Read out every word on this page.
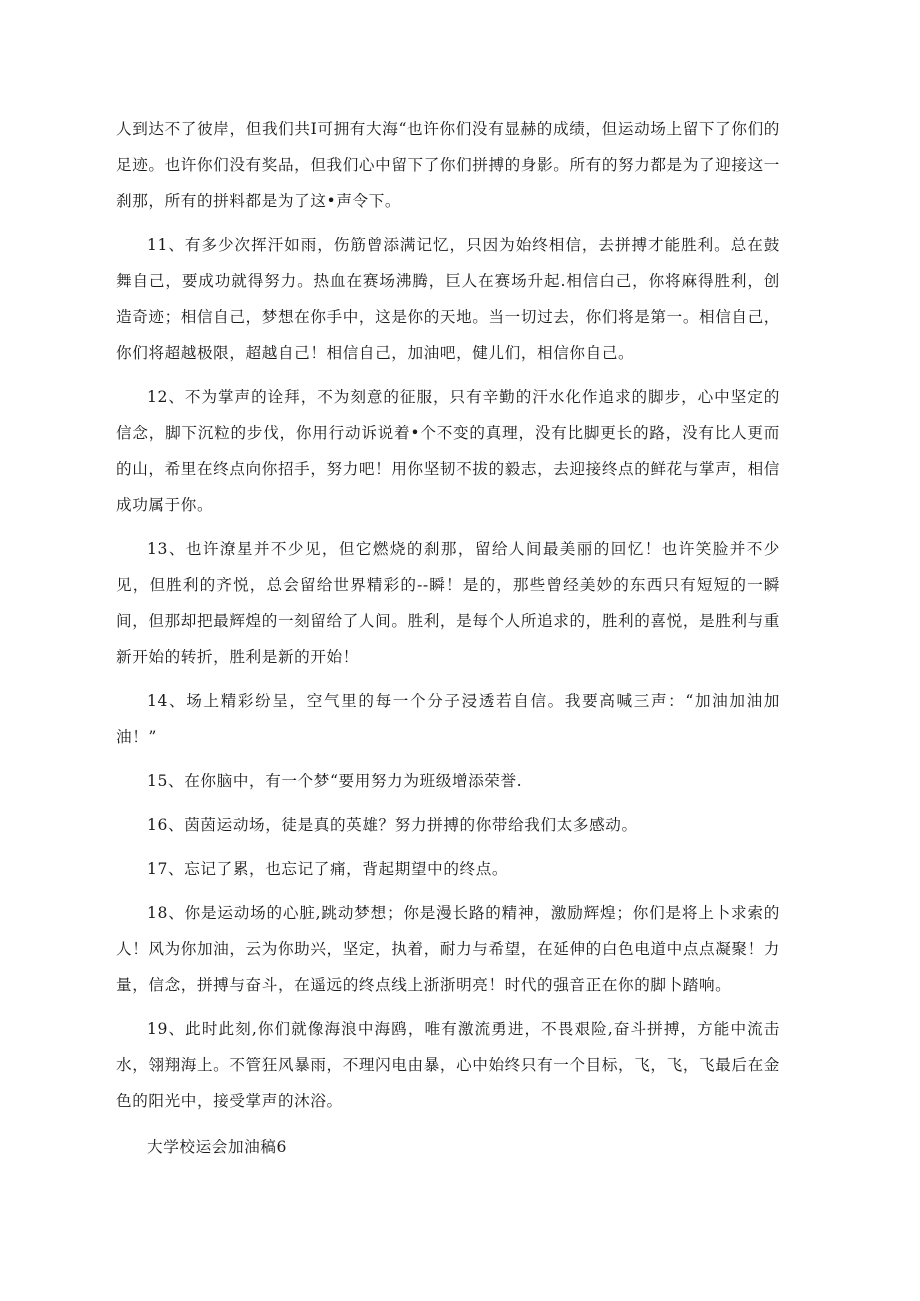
人到达不了彼岸，但我们共I可拥有大海“也许你们没有显赫的成绩，但运动场上留下了你们的足迹。也许你们没有奖品，但我们心中留下了你们拼搏的身影。所有的努力都是为了迎接这一刹那，所有的拼料都是为了这•声令下。

11、有多少次挥汗如雨，伤筋曾添满记忆，只因为始终相信，去拼搏才能胜利。总在鼓舞自己，要成功就得努力。热血在赛场沸腾，巨人在赛场升起.相信白己，你将麻得胜利，创造奇迹；相信自己，梦想在你手中，这是你的天地。当一切过去，你们将是第一。相信自己，你们将超越极限，超越自己！相信自己，加油吧，健儿们，相信你自己。

12、不为掌声的诠拜，不为刻意的征服，只有辛勤的汗水化作追求的脚步，心中坚定的信念，脚下沉粒的步伐，你用行动诉说着•个不变的真理，没有比脚更长的路，没有比人更而的山，希里在终点向你招手，努力吧！用你坚韧不拔的毅志，去迎接终点的鲜花与掌声，相信成功属于你。

13、也许潦星并不少见，但它燃烧的刹那，留给人间最美丽的回忆！也许笑脸并不少见，但胜利的齐悦，总会留给世界精彩的--瞬！是的，那些曾经美妙的东西只有短短的一瞬间，但那却把最辉煌的一刻留给了人间。胜利，是每个人所追求的，胜利的喜悦，是胜利与重新开始的转折，胜利是新的开始！

14、场上精彩纷呈，空气里的每一个分子浸透若自信。我要高喊三声：“加油加油加油！”

15、在你脑中，有一个梦“要用努力为班级增添荣誉.

16、茵茵运动场，徒是真的英雄？努力拼搏的你带给我们太多感动。

17、忘记了累，也忘记了痛，背起期望中的终点。

18、你是运动场的心脏,跳动梦想；你是漫长路的精神，激励辉煌；你们是将上卜求索的人！风为你加油，云为你助兴，坚定，执着，耐力与希望，在延伸的白色电道中点点凝聚！力量，信念，拼搏与奋斗，在遥远的终点线上浙浙明亮！时代的强音正在你的脚卜踏响。

19、此时此刻,你们就像海浪中海鸥，唯有激流勇进，不畏艰险,奋斗拼搏，方能中流击水，翎翔海上。不管狂风暴雨，不理闪电由暴，心中始终只有一个目标，飞，飞，飞最后在金色的阳光中，接受掌声的沐浴。

大学校运会加油稿6
